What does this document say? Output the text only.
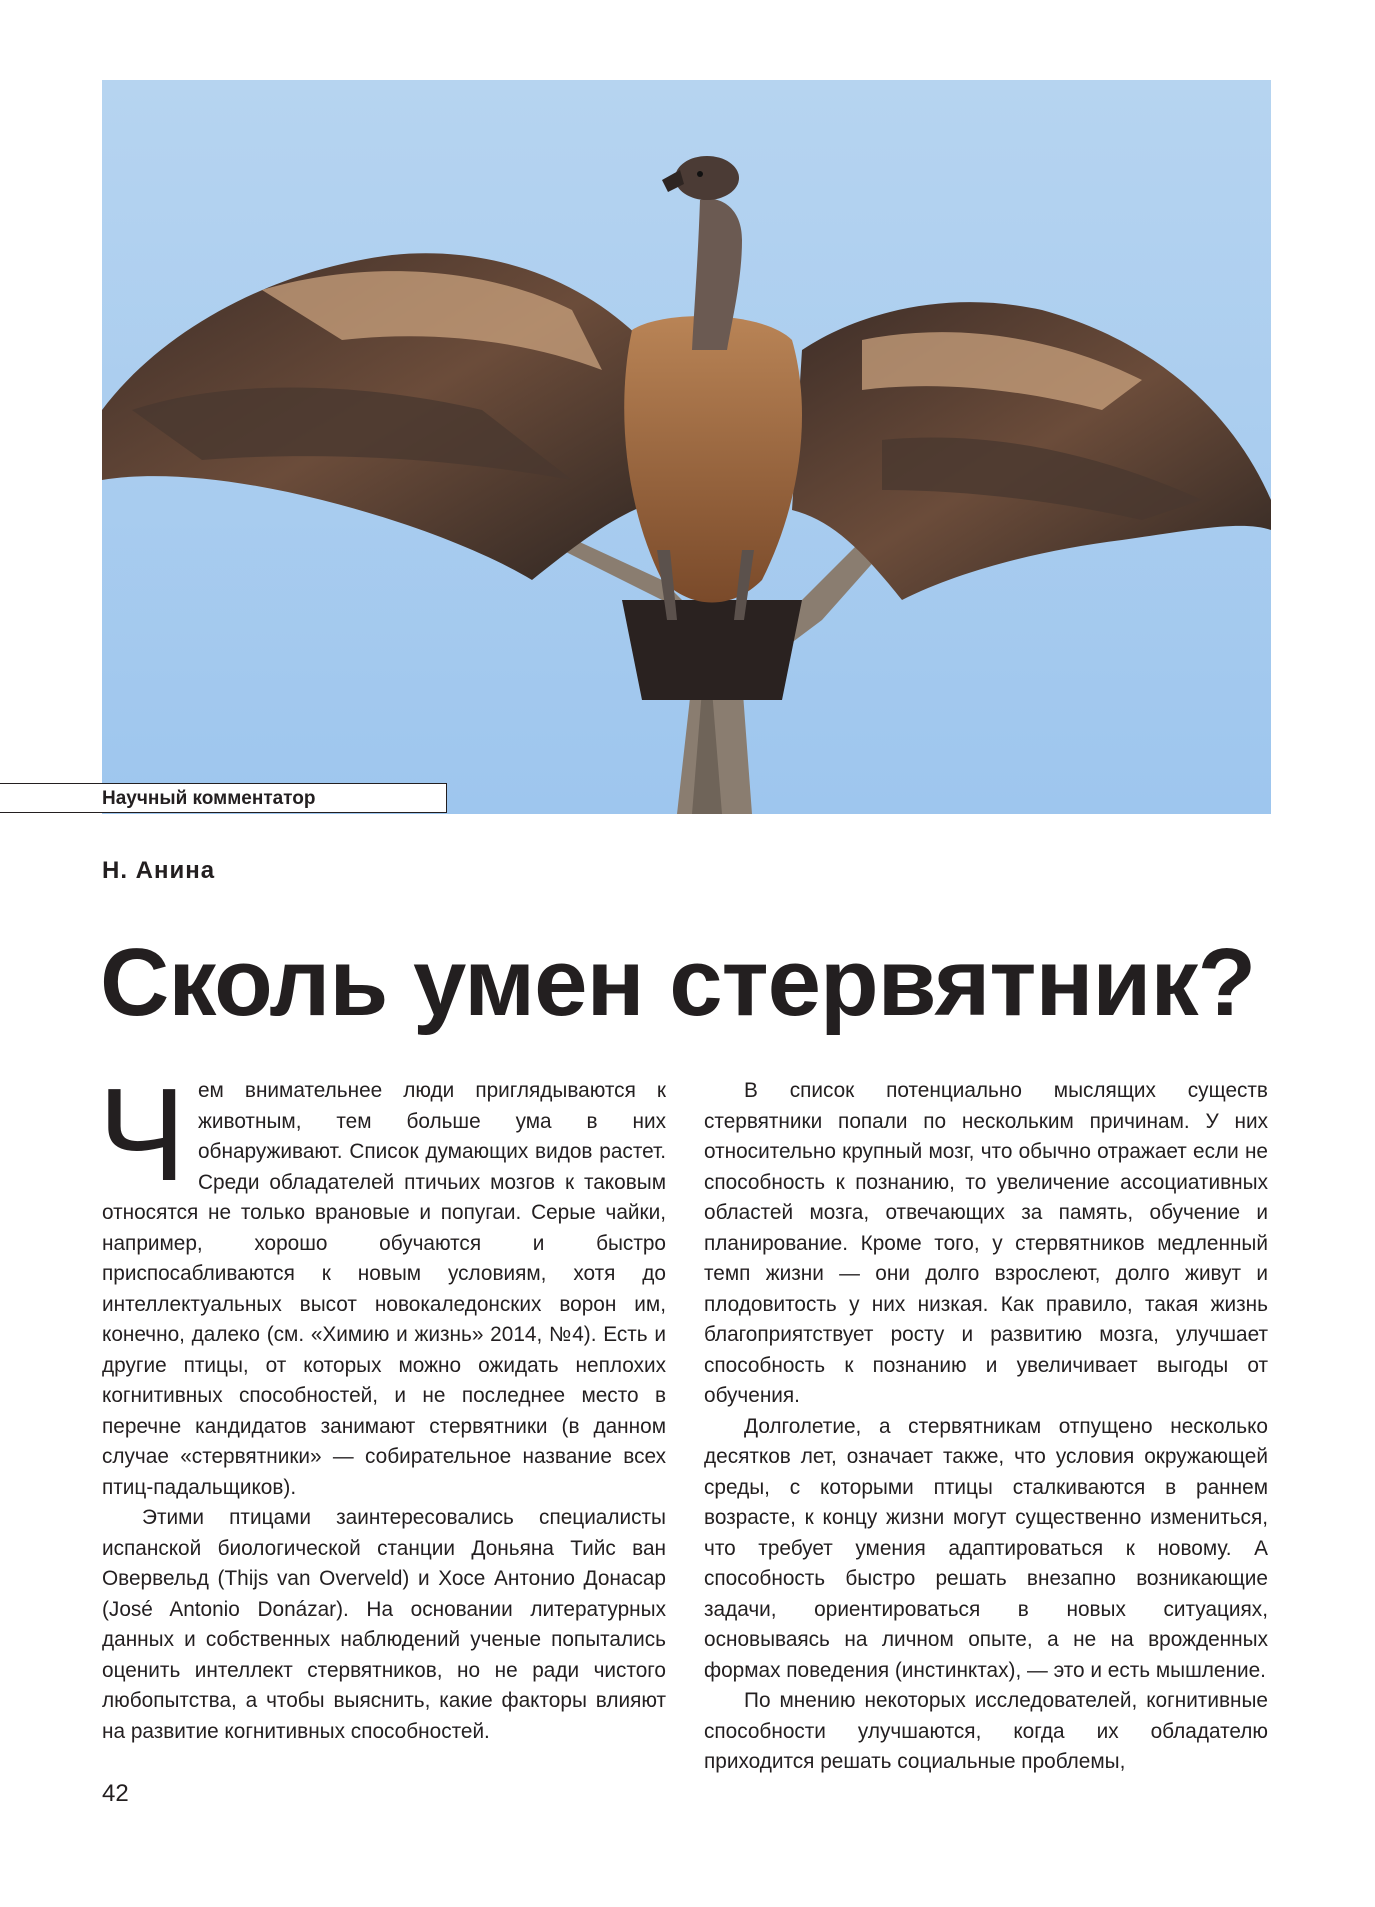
Научный комментатор
Н. Анина
Сколь умен стервятник?

Чем внимательнее люди приглядываются к животным, тем больше ума в них обнаруживают. Список думающих видов растет. Среди обладателей птичьих мозгов к таковым относятся не только врановые и попугаи. Серые чайки, например, хорошо обучаются и быстро приспосабливаются к новым условиям, хотя до интеллектуальных высот новокаледонских ворон им, конечно, далеко (см. «Химию и жизнь» 2014, №4). Есть и другие птицы, от которых можно ожидать неплохих когнитивных способностей, и не последнее место в перечне кандидатов занимают стервятники (в данном случае «стервятники» — собирательное название всех птиц-падальщиков).

Этими птицами заинтересовались специалисты испанской биологической станции Доньяна Тийс ван Овервельд (Thijs van Overveld) и Хосе Антонио Донасар (José Antonio Donázar). На основании литературных данных и собственных наблюдений ученые попытались оценить интеллект стервятников, но не ради чистого любопытства, а чтобы выяснить, какие факторы влияют на развитие когнитивных способностей.

В список потенциально мыслящих существ стервятники попали по нескольким причинам. У них относительно крупный мозг, что обычно отражает если не способность к познанию, то увеличение ассоциативных областей мозга, отвечающих за память, обучение и планирование. Кроме того, у стервятников медленный темп жизни — они долго взрослеют, долго живут и плодовитость у них низкая. Как правило, такая жизнь благоприятствует росту и развитию мозга, улучшает способность к познанию и увеличивает выгоды от обучения.

Долголетие, а стервятникам отпущено несколько десятков лет, означает также, что условия окружающей среды, с которыми птицы сталкиваются в раннем возрасте, к концу жизни могут существенно измениться, что требует умения адаптироваться к новому. А способность быстро решать внезапно возникающие задачи, ориентироваться в новых ситуациях, основываясь на личном опыте, а не на врожденных формах поведения (инстинктах), — это и есть мышление.

По мнению некоторых исследователей, когнитивные способности улучшаются, когда их обладателю приходится решать социальные проблемы,

42
